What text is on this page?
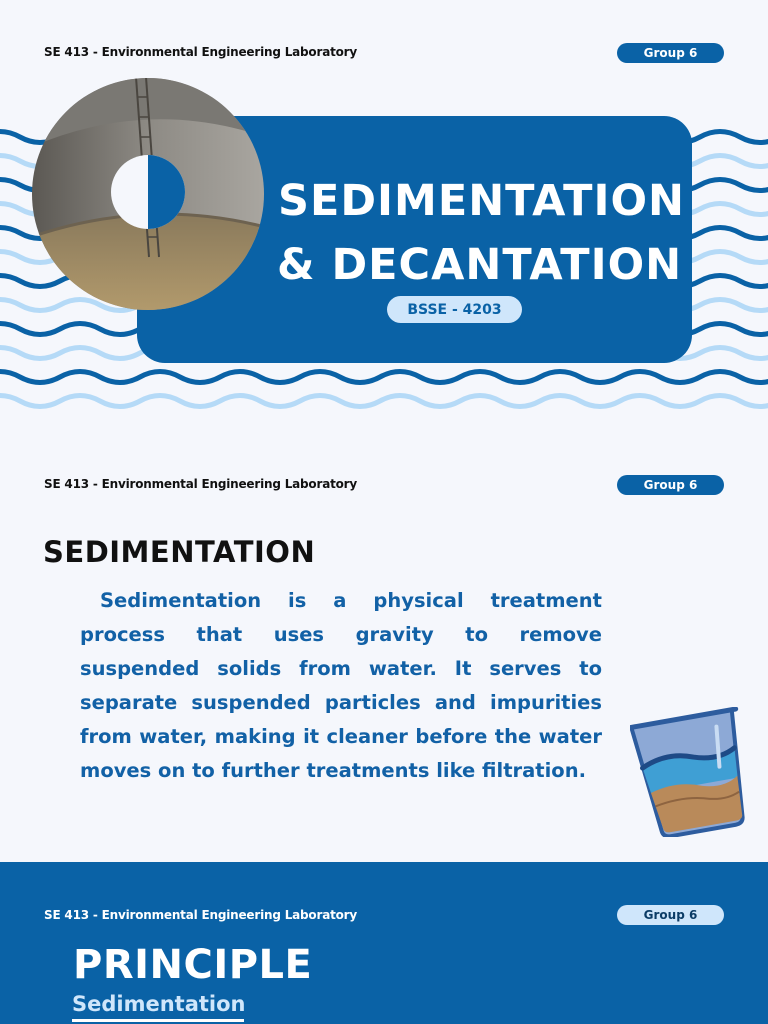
SE 413 - Environmental Engineering Laboratory	Group 6
SEDIMENTATION
& DECANTATION
BSSE - 4203
SE 413 - Environmental Engineering Laboratory	Group 6
SEDIMENTATION

Sedimentation is a physical treatment process that uses gravity to remove suspended solids from water. It serves to separate suspended particles and impurities from water, making it cleaner before the water moves on to further treatments like filtration.

SE 413 - Environmental Engineering Laboratory	Group 6
PRINCIPLE
Sedimentation
